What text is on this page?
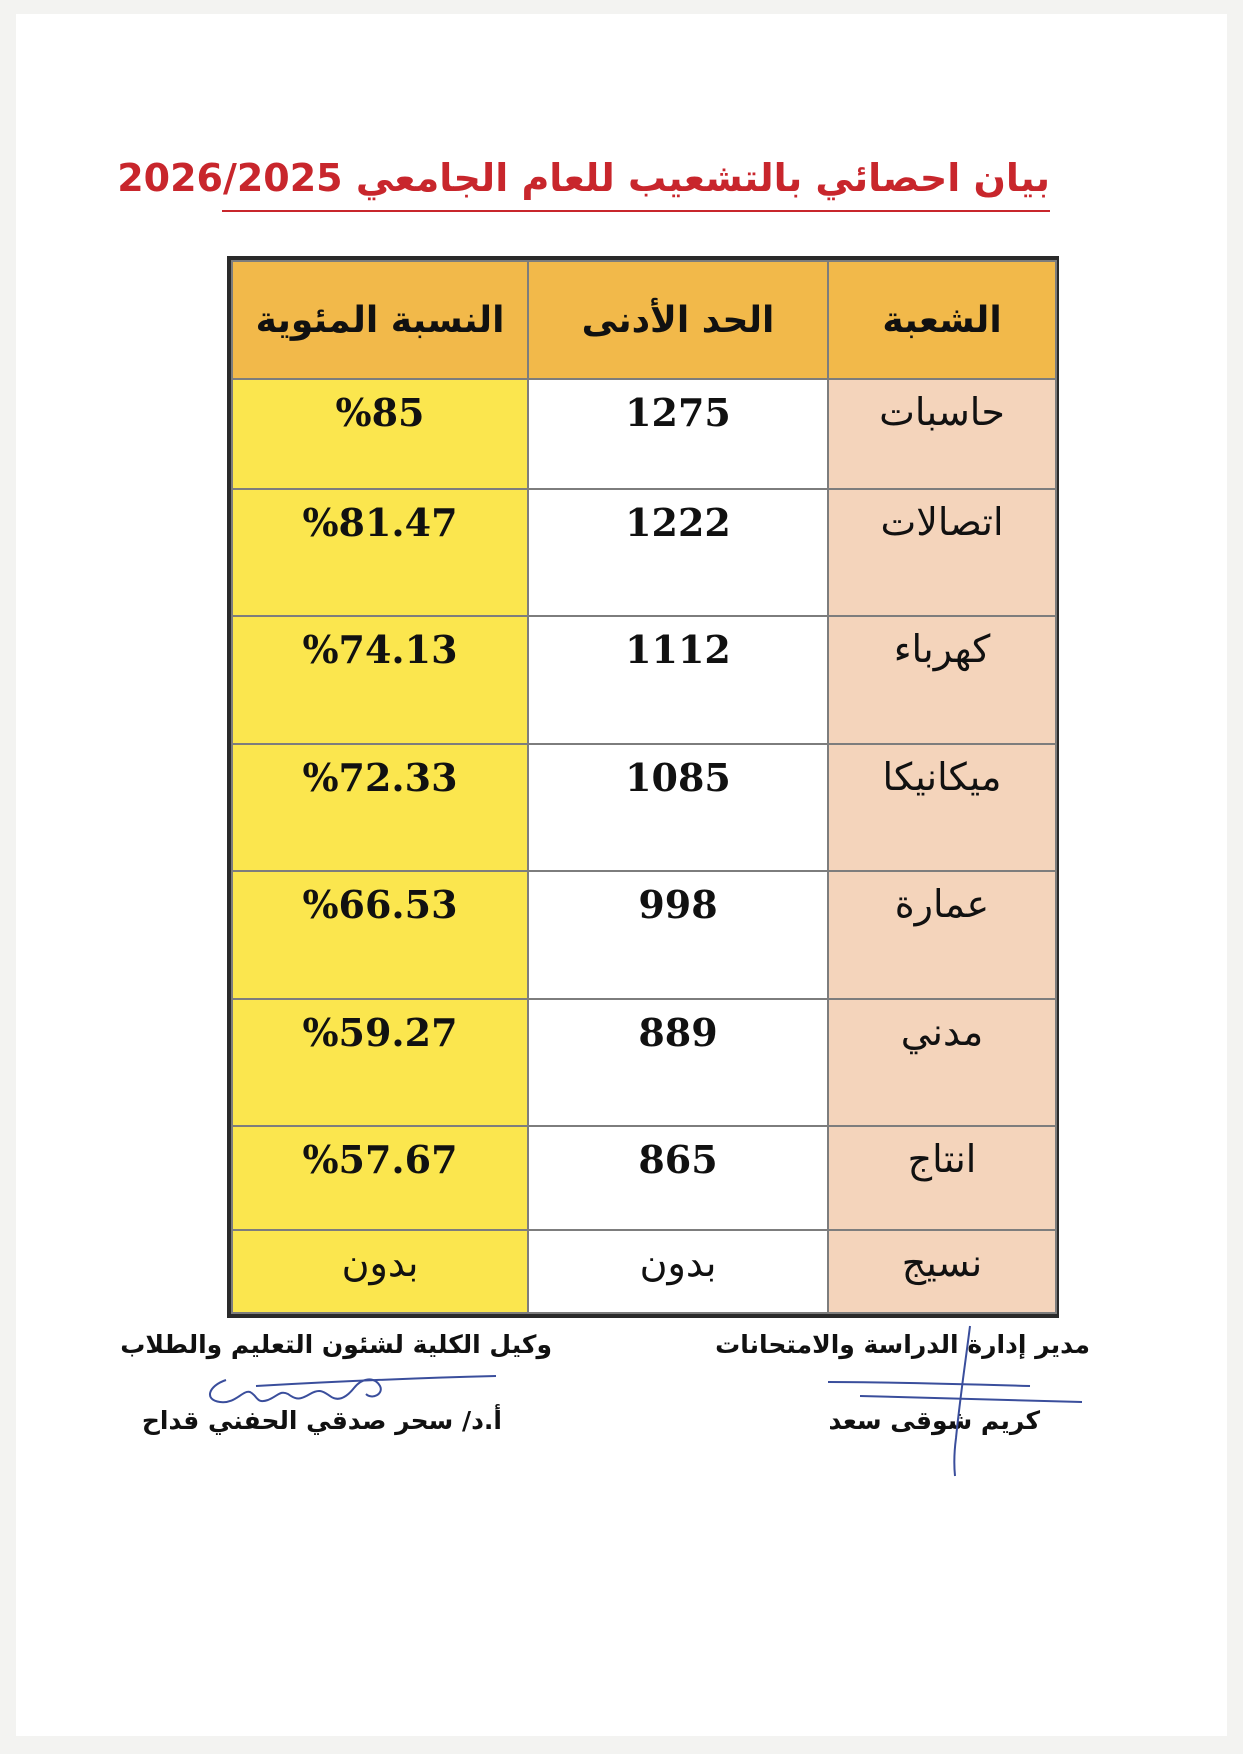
بيان احصائي بالتشعيب للعام الجامعي 2026/2025
الشعبة	الحد الأدنى	النسبة المئوية
حاسبات	1275	%85
اتصالات	1222	%81.47
كهرباء	1112	%74.13
ميكانيكا	1085	%72.33
عمارة	998	%66.53
مدني	889	%59.27
انتاج	865	%57.67
نسيج	بدون	بدون
مدير إدارة الدراسة والامتحانات
كريم شوقى سعد
وكيل الكلية لشئون التعليم والطلاب
أ.د/ سحر صدقي الحفني قداح
